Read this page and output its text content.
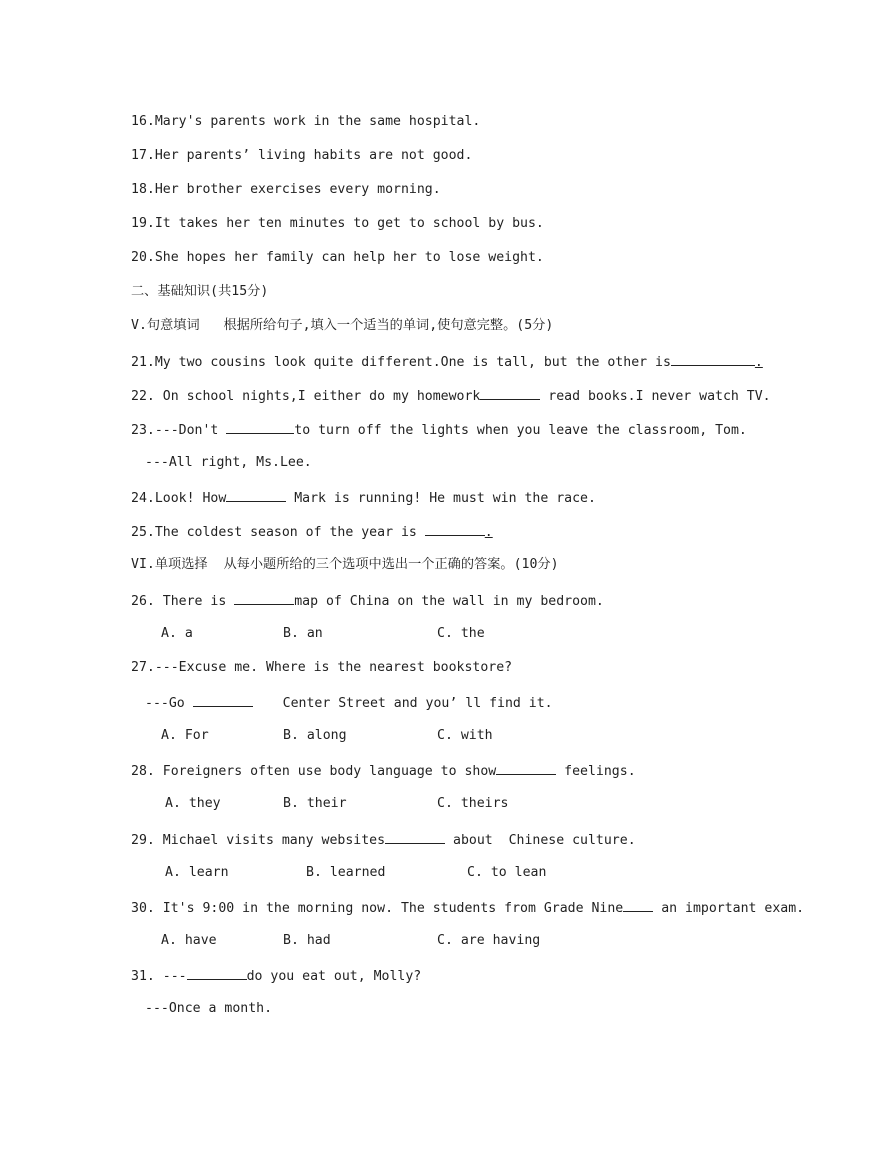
16.Mary's parents work in the same hospital.
17.Her parents’ living habits are not good.
18.Her brother exercises every morning.
19.It takes her ten minutes to get to school by bus.
20.She hopes her family can help her to lose weight.
二、基础知识(共15分)
V.句意填词   根据所给句子,填入一个适当的单词,使句意完整。(5分)
21.My two cousins look quite different.One is tall, but the other is	.
22. On school nights,I either do my homework	read books.I never watch TV.
23.---Don't	to turn off the lights when you leave the classroom, Tom.
---All right, Ms.Lee.
24.Look! How	Mark is running! He must win the race.
25.The coldest season of the year is	.
VI.单项选择  从每小题所给的三个选项中选出一个正确的答案。(10分)
26. There is	map of China on the wall in my bedroom.
A. a	B. an	C. the
27.---Excuse me. Where is the nearest bookstore?
---Go	Center Street and you’ ll find it.
A. For	B. along	C. with
28. Foreigners often use body language to show	feelings.
A. they	B. their	C. theirs
29. Michael visits many websites	about  Chinese culture.
A. learn	B. learned	C. to lean
30. It's 9:00 in the morning now. The students from Grade Nine an important exam.
A. have	B. had	C. are having
31. ---	do you eat out, Molly?
---Once a month.
